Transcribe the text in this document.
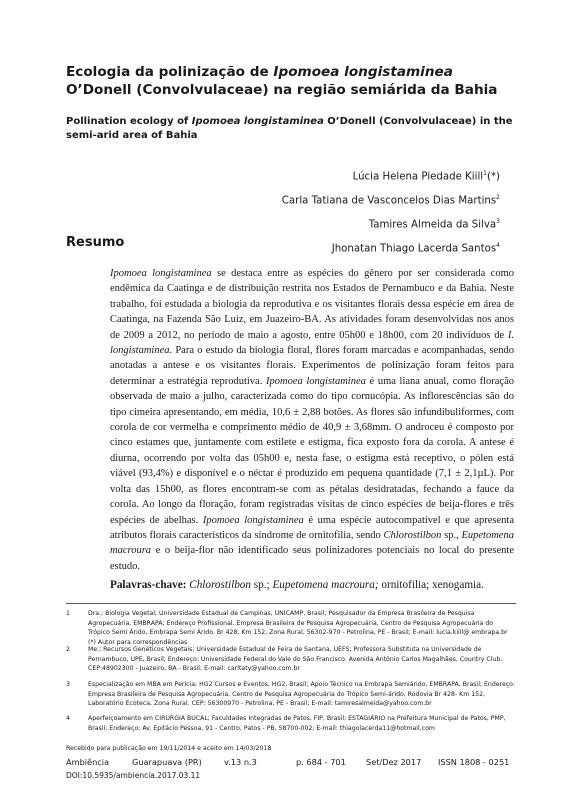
Ecologia da polinização de Ipomoea longistaminea O’Donell (Convolvulaceae) na região semiárida da Bahia
Pollination ecology of Ipomoea longistaminea O’Donell (Convolvulaceae) in the semi-arid area of Bahia
Lúcia Helena Piedade Kiill$^1$(*)
Carla Tatiana de Vasconcelos Dias Martins$^2$
Tamires Almeida da Silva$^3$
Jhonatan Thiago Lacerda Santos$^4$
Resumo

Ipomoea longistaminea se destaca entre as espécies do gênero por ser considerada como endêmica da Caatinga e de distribuição restrita nos Estados de Pernambuco e da Bahia. Neste trabalho, foi estudada a biologia da reprodutiva e os visitantes florais dessa espécie em área de Caatinga, na Fazenda São Luiz, em Juazeiro-BA. As atividades foram desenvolvidas nos anos de 2009 a 2012, no período de maio a agosto, entre 05h00 e 18h00, com 20 indivíduos de I. longistaminea. Para o estudo da biologia floral, flores foram marcadas e acompanhadas, sendo anotadas a antese e os visitantes florais. Experimentos de polinização foram feitos para determinar a estratégia reprodutiva. Ipomoea longistaminea é uma liana anual, como floração observada de maio a julho, caracterizada como do tipo cornucópia. As inflorescências são do tipo cimeira apresentando, em média, 10,6 ± 2,88 botões. As flores são infundibuliformes, com corola de cor vermelha e comprimento médio de 40,9 ± 3,68mm. O androceu é composto por cinco estames que, juntamente com estilete e estigma, fica exposto fora da corola. A antese é diurna, ocorrendo por volta das 05h00 e, nesta fase, o estigma está receptivo, o pólen está viável (93,4%) e disponível e o néctar é produzido em pequena quantidade (7,1 ± 2,1µL). Por volta das 15h00, as flores encontram-se com as pétalas desidratadas, fechando a fauce da corola. Ao longo da floração, foram registradas visitas de cinco espécies de beija-flores e três espécies de abelhas. Ipomoea longistaminea é uma espécie autocompatível e que apresenta atributos florais característicos da síndrome de ornitofilia, sendo Chlorostilbon sp., Eupetomena macroura e o beija-flor não identificado seus polinizadores potenciais no local do presente estudo.

Palavras-chave: Chlorostilbon sp.; Eupetomena macroura; ornitofilia; xenogamia.
1	Dra.; Biologia Vegetal; Universidade Estadual de Campinas, UNICAMP, Brasil; Pesquisador da Empresa Brasileira de Pesquisa Agropecuária, EMBRAPA; Endereço Profissional. Empresa Brasileira de Pesquisa Agropecuária, Centro de Pesquisa Agropecuária do Trópico Semi Árido, Embrapa Semi Árido. Br 428, Km 152, Zona Rural, 56302-970 - Petrolina, PE - Brasil; E-mail: lucia.kiill@ embrapa.br (*) Autor para correspondências
2	Me.; Recursos Genéticos Vegetais; Universidade Estadual de Feira de Santana, UEFS; Professora Substituta na Universidade de Pernambuco, UPE, Brasil; Endereço: Universidade Federal do Vale do São Francisco. Avenida Antônio Carlos Magalhães, Country Club. CEP:48902300 - Juazeiro, BA - Brasil; E-mail: carltaty@yahoo.com.br
3	Especialização em MBA em Perícia; HG2 Cursos e Eventos, HG2, Brasil; Apoio Técnico na Embrapa Semiárido, EMBRAPA, Brasil; Endereço: Empresa Brasileira de Pesquisa Agropecuária, Centro de Pesquisa Agropecuária do Trópico Semi-árido, Rodovia Br 428- Km 152, Laboratório Ecoteca, Zona Rural. CEP: 56300970 - Petrolina, PE - Brasil; E-mail: tamiresalmeida@yahoo.com.br
4	Aperfeiçoamento em CIRURGIA BUCAL; Faculdades Integradas de Patos, FIP, Brasil; ESTAGIÁRIO na Prefeitura Municipal de Patos, PMP, Brasil; Endereço: Av. Epitácio Pessoa, 91 - Centro, Patos - PB, 58700-002; E-mail: thiagolacerda11@hotmail.com
Recebido para publicação em 19/11/2014 e aceito em 14/03/2018
Ambiência	Guarapuava (PR)	v.13 n.3	p. 684 - 701 Set/Dez 2017 ISSN 1808 - 0251
DOI:10.5935/ambiencia.2017.03.11
